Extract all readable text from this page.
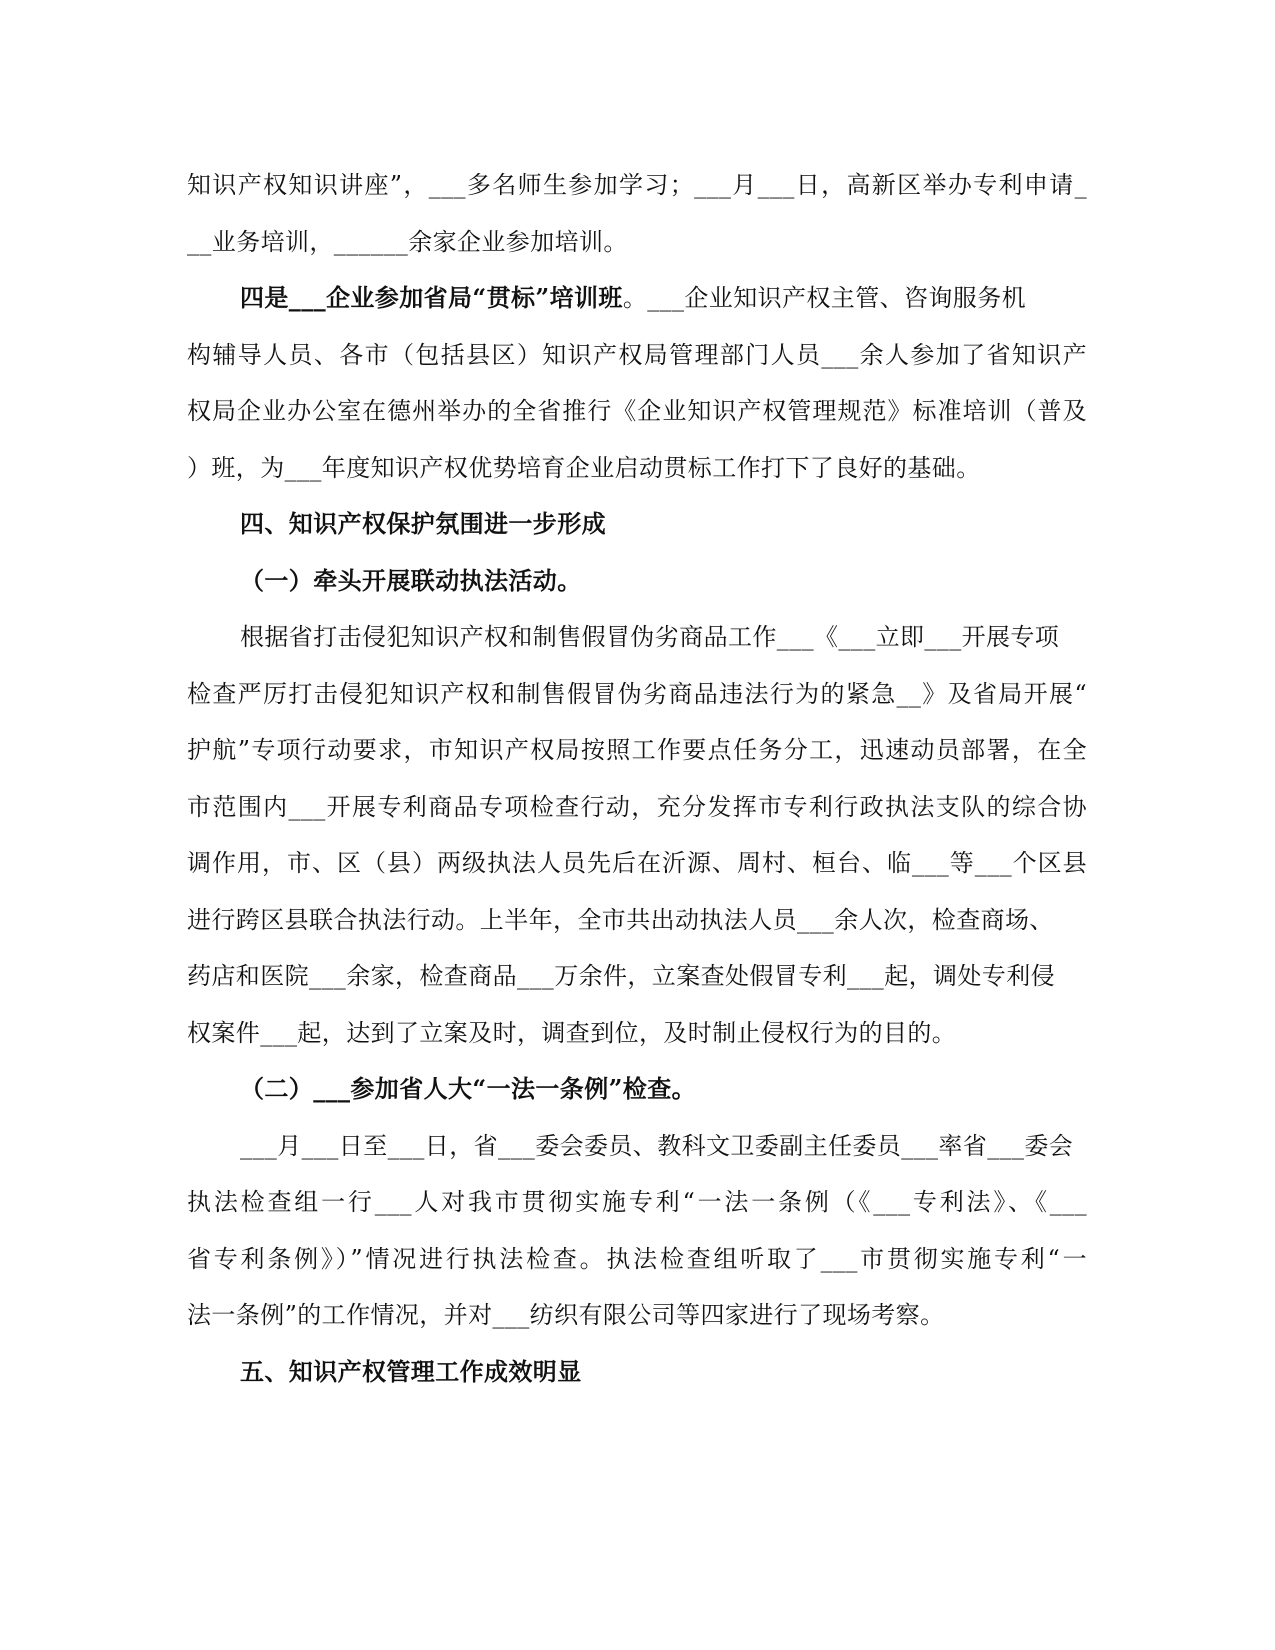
知识产权知识讲座”，___多名师生参加学习；___月___日，高新区举办专利申请_
__业务培训，______余家企业参加培训。
四是___企业参加省局“贯标”培训班。___企业知识产权主管、咨询服务机
构辅导人员、各市（包括县区）知识产权局管理部门人员___余人参加了省知识产
权局企业办公室在德州举办的全省推行《企业知识产权管理规范》标准培训（普及
）班，为___年度知识产权优势培育企业启动贯标工作打下了良好的基础。
四、知识产权保护氛围进一步形成
（一）牵头开展联动执法活动。
根据省打击侵犯知识产权和制售假冒伪劣商品工作___《___立即___开展专项
检查严厉打击侵犯知识产权和制售假冒伪劣商品违法行为的紧急__》及省局开展“
护航”专项行动要求，市知识产权局按照工作要点任务分工，迅速动员部署，在全
市范围内___开展专利商品专项检查行动，充分发挥市专利行政执法支队的综合协
调作用，市、区（县）两级执法人员先后在沂源、周村、桓台、临___等___个区县
进行跨区县联合执法行动。上半年，全市共出动执法人员___余人次，检查商场、
药店和医院___余家，检查商品___万余件，立案查处假冒专利___起，调处专利侵
权案件___起，达到了立案及时，调查到位，及时制止侵权行为的目的。
（二）___参加省人大“一法一条例”检查。
___月___日至___日，省___委会委员、教科文卫委副主任委员___率省___委会
执法检查组一行___人对我市贯彻实施专利“一法一条例（《___专利法》、《___
省专利条例》）”情况进行执法检查。执法检查组听取了___市贯彻实施专利“一
法一条例”的工作情况，并对___纺织有限公司等四家进行了现场考察。
五、知识产权管理工作成效明显
